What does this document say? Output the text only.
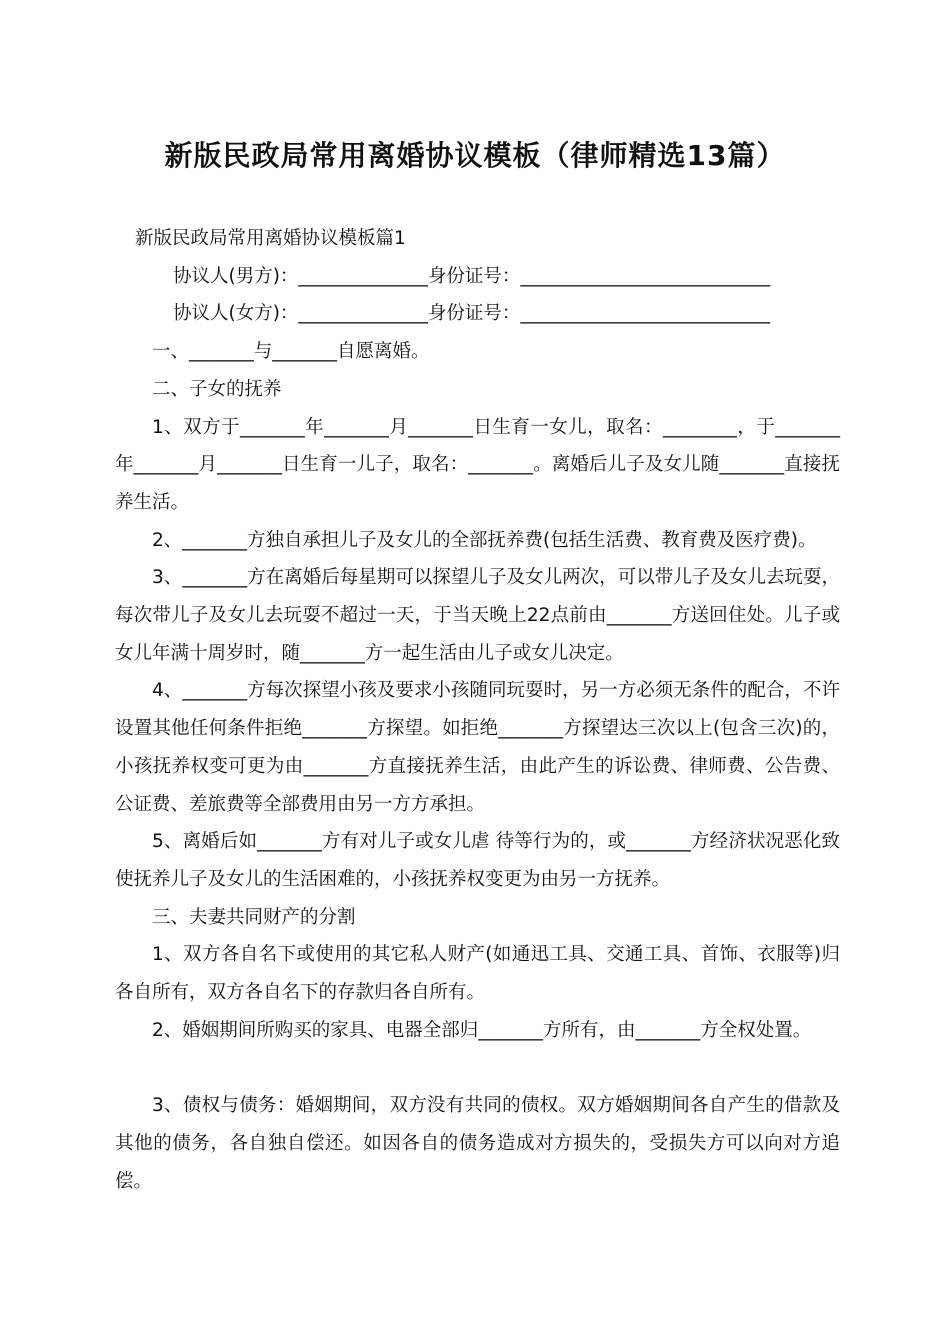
新版民政局常用离婚协议模板（律师精选13篇）

新版民政局常用离婚协议模板篇1

协议人(男方)：______________身份证号：___________________________

协议人(女方)：______________身份证号：___________________________

一、_______与_______自愿离婚。

二、子女的抚养

1、双方于_______年_______月_______日生育一女儿，取名：________，于_______年_______月_______日生育一儿子，取名：_______。离婚后儿子及女儿随_______直接抚养生活。

2、_______方独自承担儿子及女儿的全部抚养费(包括生活费、教育费及医疗费)。

3、_______方在离婚后每星期可以探望儿子及女儿两次，可以带儿子及女儿去玩耍，每次带儿子及女儿去玩耍不超过一天，于当天晚上22点前由_______方送回住处。儿子或女儿年满十周岁时，随_______方一起生活由儿子或女儿决定。

4、_______方每次探望小孩及要求小孩随同玩耍时，另一方必须无条件的配合，不许设置其他任何条件拒绝_______方探望。如拒绝_______方探望达三次以上(包含三次)的，小孩抚养权变可更为由_______方直接抚养生活，由此产生的诉讼费、律师费、公告费、公证费、差旅费等全部费用由另一方方承担。

5、离婚后如_______方有对儿子或女儿虐 待等行为的，或_______方经济状况恶化致使抚养儿子及女儿的生活困难的，小孩抚养权变更为由另一方抚养。

三、夫妻共同财产的分割

1、双方各自名下或使用的其它私人财产(如通迅工具、交通工具、首饰、衣服等)归各自所有，双方各自名下的存款归各自所有。

2、婚姻期间所购买的家具、电器全部归_______方所有，由_______方全权处置。

3、债权与债务：婚姻期间，双方没有共同的债权。双方婚姻期间各自产生的借款及其他的债务，各自独自偿还。如因各自的债务造成对方损失的，受损失方可以向对方追偿。
